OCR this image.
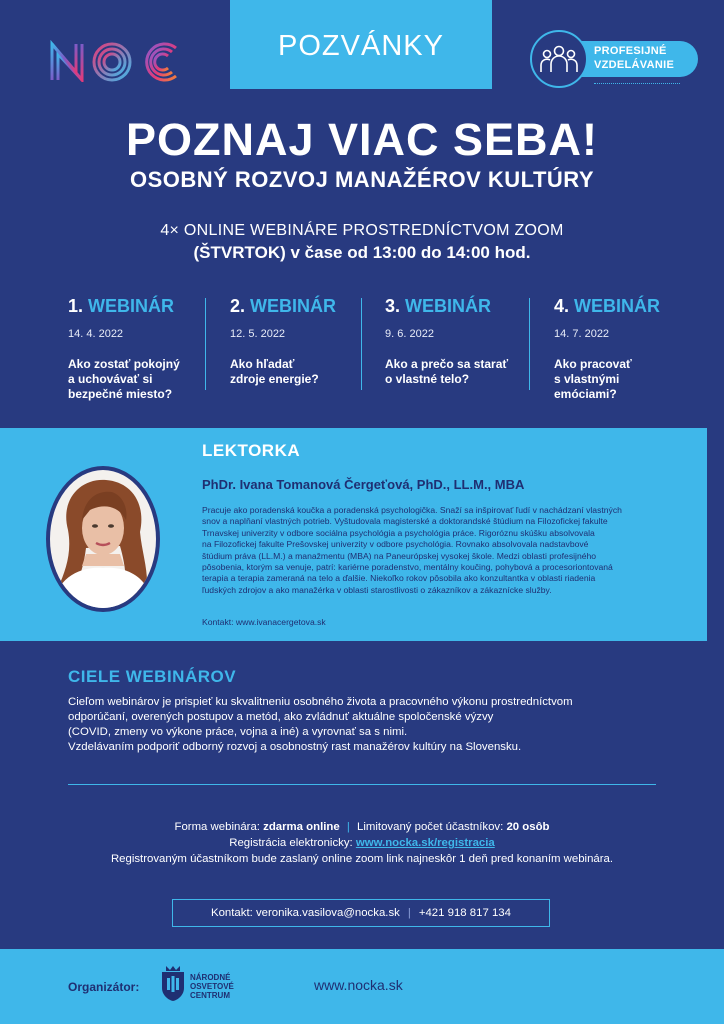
POZVÁNKY	PROFESIJNÉ
VZDELÁVANIE
POZNAJ VIAC SEBA!
OSOBNÝ ROZVOJ MANAŽÉROV KULTÚRY
4× ONLINE WEBINÁRE PROSTREDNÍCTVOM ZOOM
(ŠTVRTOK) v čase od 13:00 do 14:00 hod.
1. WEBINÁR
14. 4. 2022
Ako zostať pokojný
a uchovávať si
bezpečné miesto?
2. WEBINÁR
12. 5. 2022
Ako hľadať
zdroje energie?
3. WEBINÁR
9. 6. 2022
Ako a prečo sa starať
o vlastné telo?
4. WEBINÁR
14. 7. 2022
Ako pracovať
s vlastnými
emóciami?
LEKTORKA
PhDr. Ivana Tomanová Čergeťová, PhD., LL.M., MBA
Pracuje ako poradenská koučka a poradenská psychologička. Snaží sa inšpirovať ľudí v nachádzaní vlastných
snov a naplňaní vlastných potrieb. Vyštudovala magisterské a doktorandské štúdium na Filozofickej fakulte
Trnavskej univerzity v odbore sociálna psychológia a psychológia práce. Rigoróznu skúšku absolvovala
na Filozofickej fakulte Prešovskej univerzity v odbore psychológia. Rovnako absolvovala nadstavbové
štúdium práva (LL.M.) a manažmentu (MBA) na Paneurópskej vysokej škole. Medzi oblasti profesijného
pôsobenia, ktorým sa venuje, patrí: kariérne poradenstvo, mentálny koučing, pohybová a procesoriontovaná
terapia a terapia zameraná na telo a ďalšie. Niekoľko rokov pôsobila ako konzultantka v oblasti riadenia
ľudských zdrojov a ako manažérka v oblasti starostlivosti o zákazníkov a zákaznícke služby.
Kontakt: www.ivanacergetova.sk
CIELE WEBINÁROV
Cieľom webinárov je prispieť ku skvalitneniu osobného života a pracovného výkonu prostredníctvom
odporúčaní, overených postupov a metód, ako zvládnuť aktuálne spoločenské výzvy
(COVID, zmeny vo výkone práce, vojna a iné) a vyrovnať sa s nimi.
Vzdelávaním podporiť odborný rozvoj a osobnostný rast manažérov kultúry na Slovensku.
Forma webinára: zdarma online | Limitovaný počet účastníkov: 20 osôb
Registrácia elektronicky: www.nocka.sk/registracia
Registrovaným účastníkom bude zaslaný online zoom link najneskôr 1 deň pred konaním webinára.
Kontakt: veronika.vasilova@nocka.sk | +421 918 817 134
Organizátor:
NÁRODNÉ
OSVETOVÉ
CENTRUM
www.nocka.sk
